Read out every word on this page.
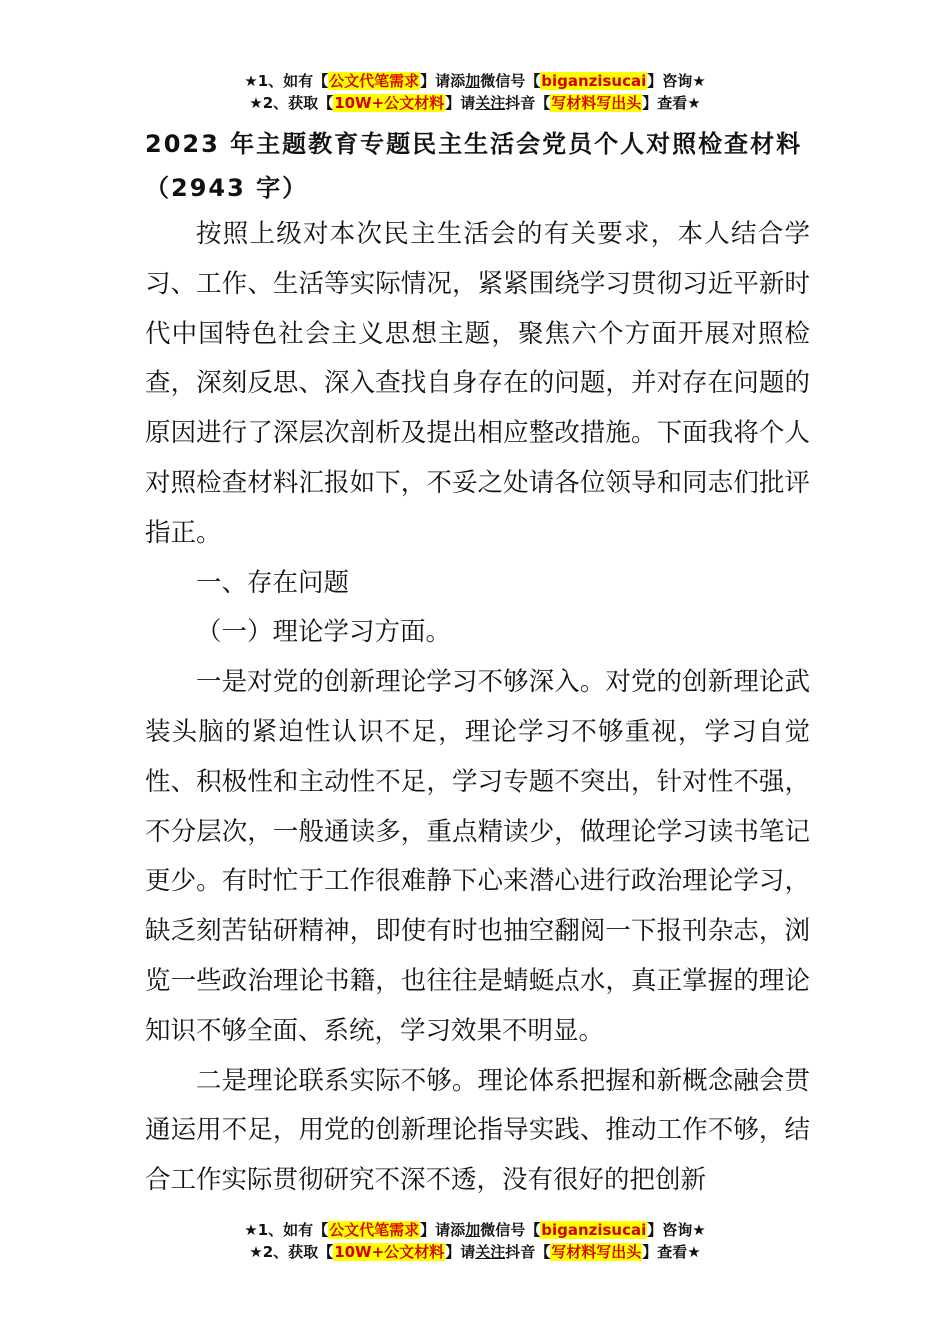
★1、如有【公文代笔需求】请添加微信号【biganzisucai】咨询★
★2、获取【10W+公文材料】请关注抖音【写材料写出头】查看★
2023 年主题教育专题民主生活会党员个人对照检查材料
（2943 字）

按照上级对本次民主生活会的有关要求，本人结合学习、工作、生活等实际情况，紧紧围绕学习贯彻习近平新时代中国特色社会主义思想主题，聚焦六个方面开展对照检查，深刻反思、深入查找自身存在的问题，并对存在问题的原因进行了深层次剖析及提出相应整改措施。下面我将个人对照检查材料汇报如下，不妥之处请各位领导和同志们批评指正。

一、存在问题

（一）理论学习方面。

一是对党的创新理论学习不够深入。对党的创新理论武装头脑的紧迫性认识不足，理论学习不够重视，学习自觉性、积极性和主动性不足，学习专题不突出，针对性不强，不分层次，一般通读多，重点精读少，做理论学习读书笔记更少。有时忙于工作很难静下心来潜心进行政治理论学习，缺乏刻苦钻研精神，即使有时也抽空翻阅一下报刊杂志，浏览一些政治理论书籍，也往往是蜻蜓点水，真正掌握的理论知识不够全面、系统，学习效果不明显。

二是理论联系实际不够。理论体系把握和新概念融会贯通运用不足，用党的创新理论指导实践、推动工作不够，结合工作实际贯彻研究不深不透，没有很好的把创新

★1、如有【公文代笔需求】请添加微信号【biganzisucai】咨询★
★2、获取【10W+公文材料】请关注抖音【写材料写出头】查看★
